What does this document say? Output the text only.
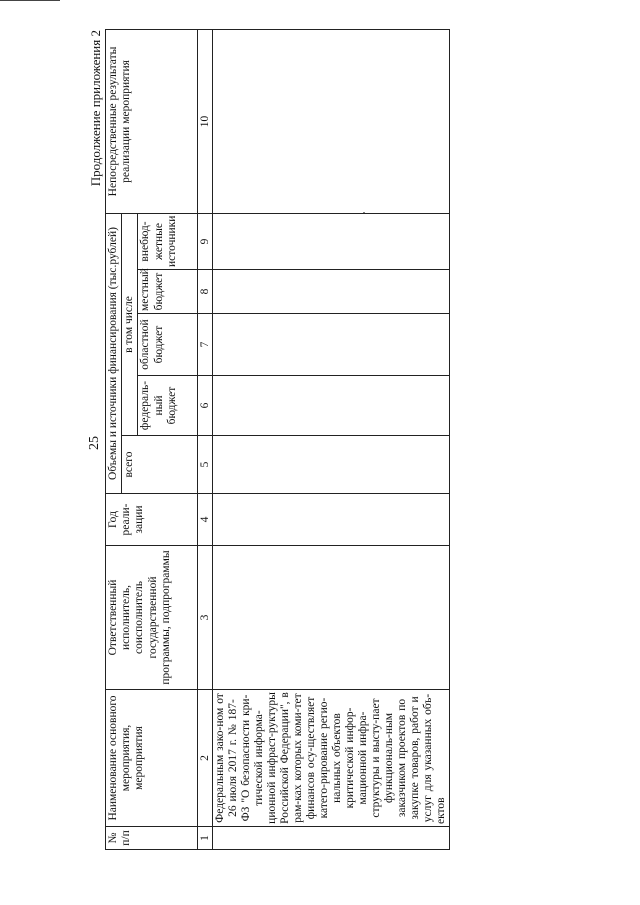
25
Продолжение приложения 2
№ п/п	Наименование основного мероприятия, мероприятия	Ответственный исполнитель, соисполнитель государственной программы, подпрограммы	Год реали-зации	Объемы и источники финансирования (тыс.рублей)					Непосредственные результаты реализации мероприятия
				всего	в том числе				
					федераль-ный бюджет	областной бюджет	местный бюджет	внебюд-жетные источники	
1	2	3	4	5	6	7	8	9	10
	Федеральным зако-ном от 26 июля 2017 г. № 187-ФЗ "О безопасности кри-тической информа-ционной инфраст-руктуры Российской Федерации", в рам-ках которых коми-тет финансов осу-ществляет катего-рирование регио-нальных объектов критической инфор-мационной инфра-структуры и высту-пает функциональ-ным заказчиком проектов по закупке товаров, работ и услуг для указанных объ-ектов								
